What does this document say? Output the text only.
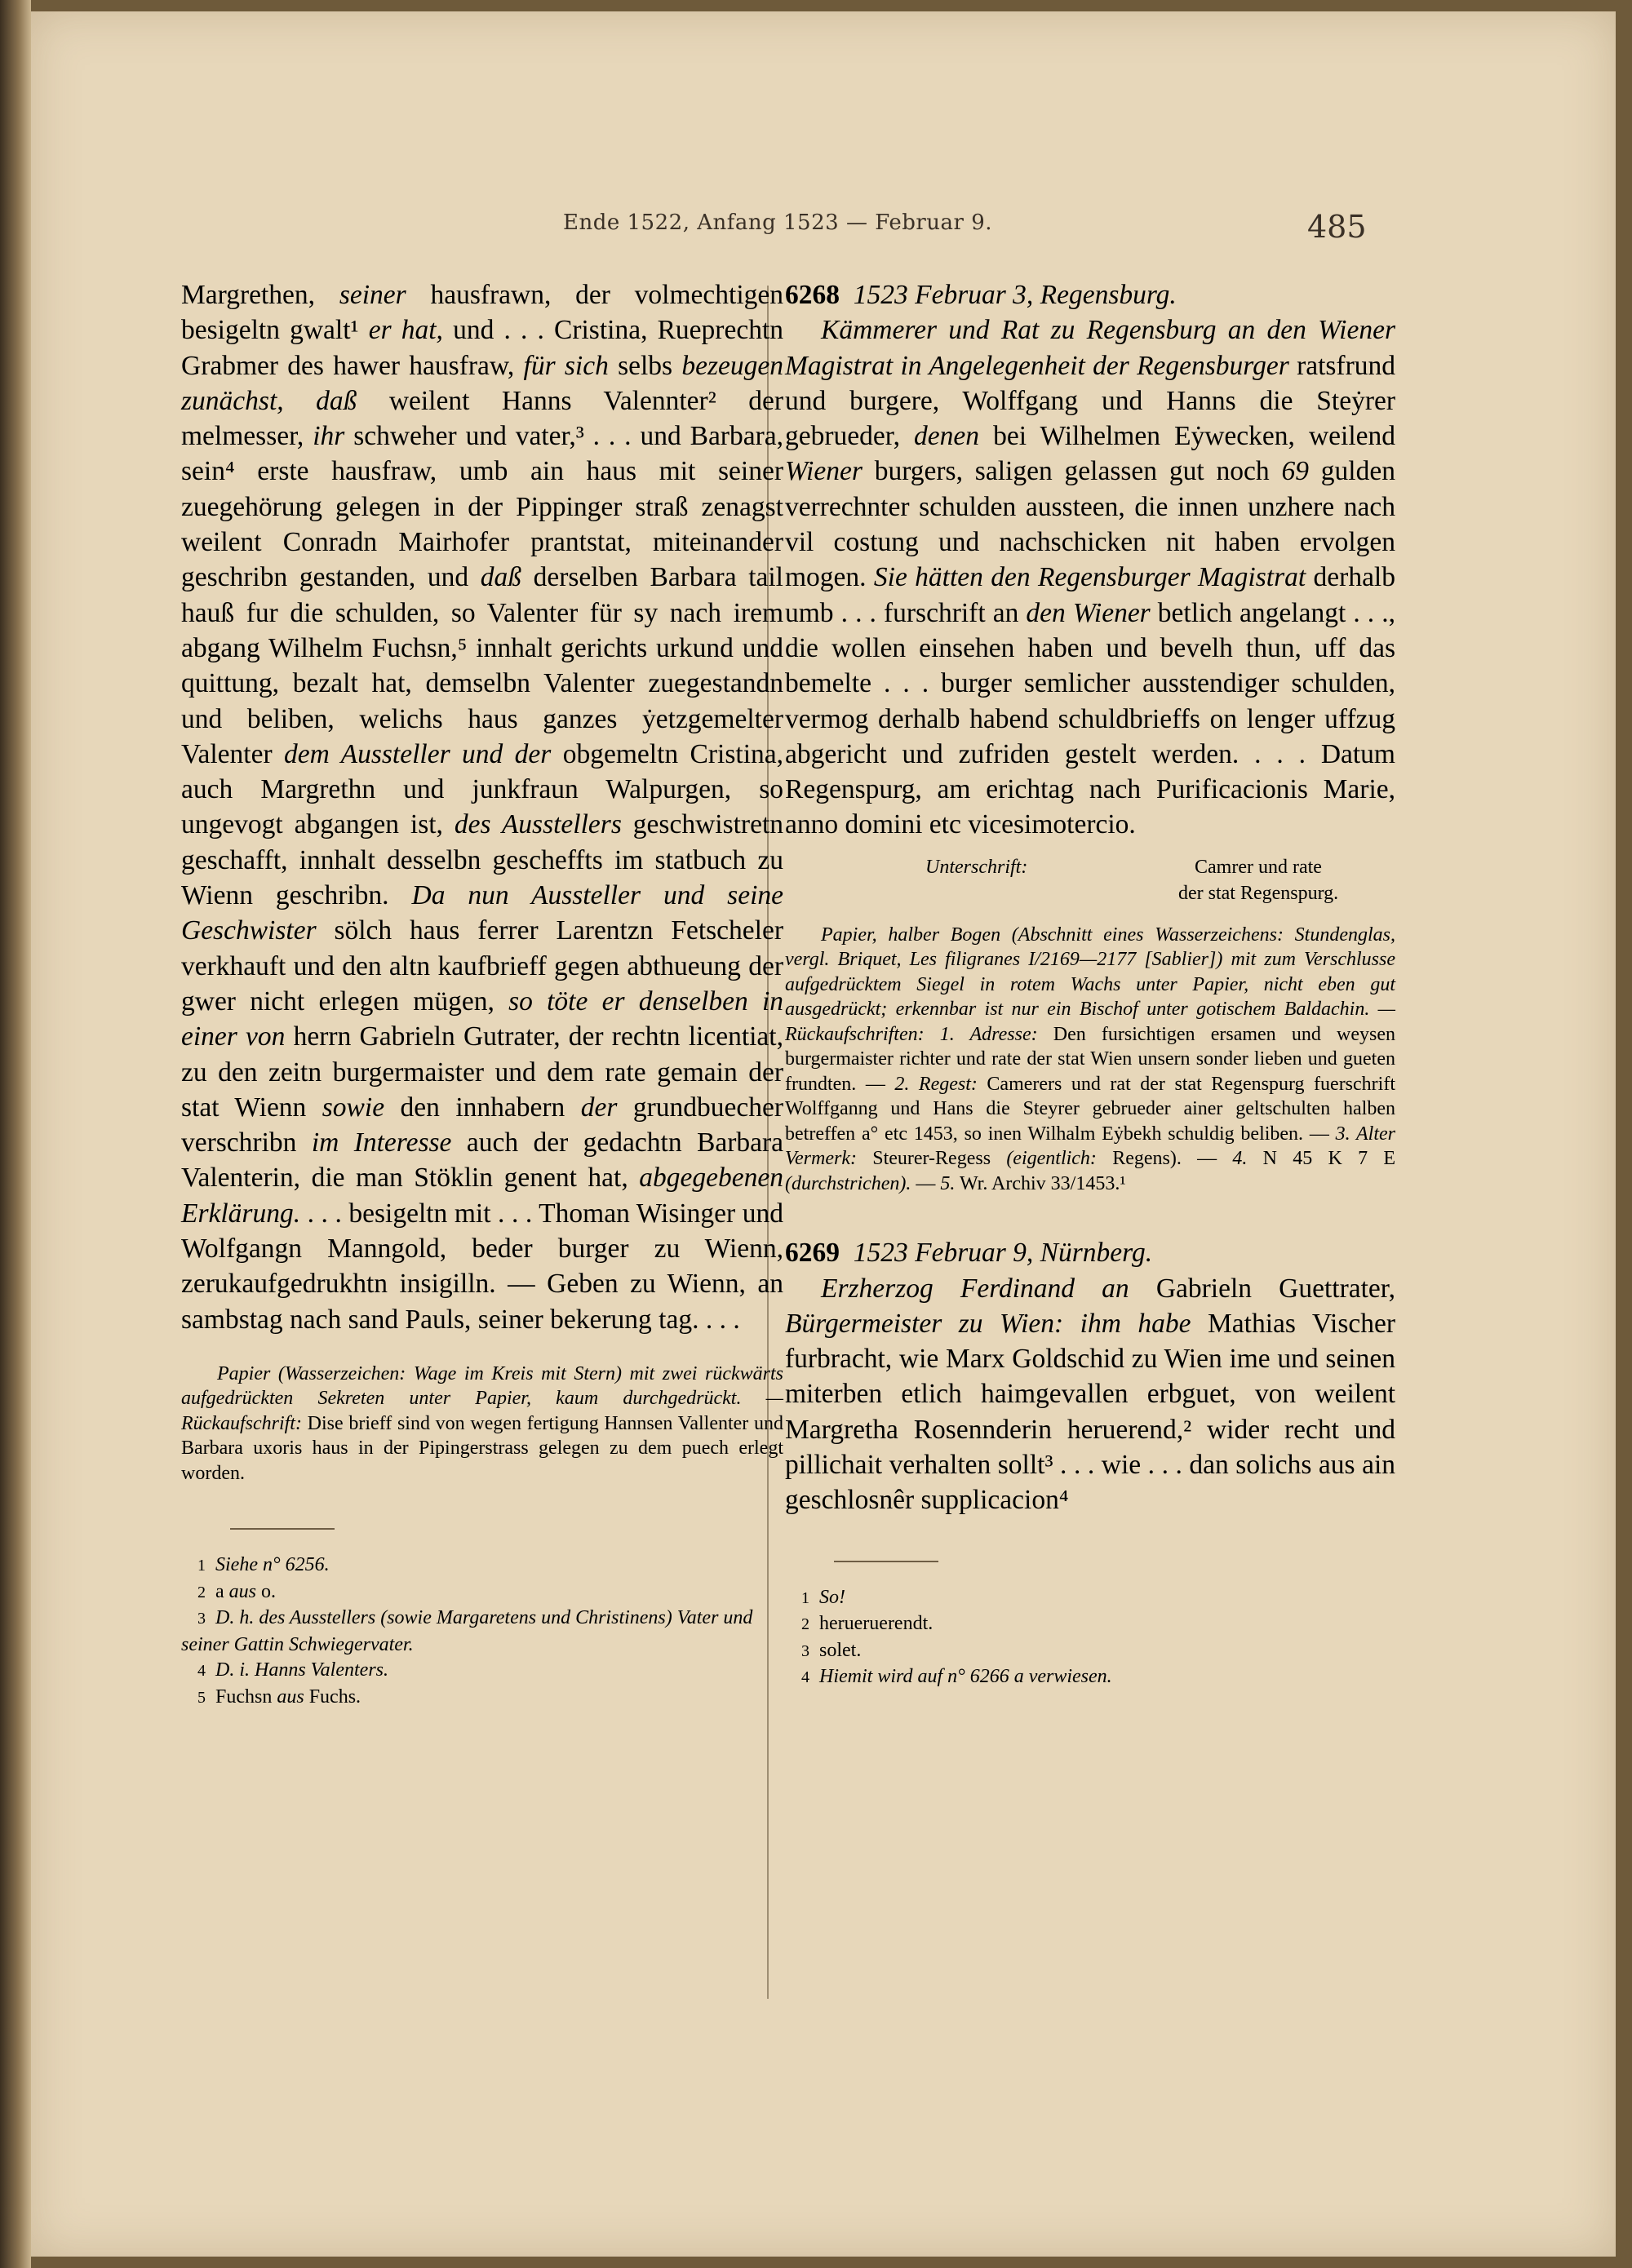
Ende 1522, Anfang 1523 — Februar 9.	485

Margrethen, seiner hausfrawn, der volmechtigen besigeltn gwalt¹ er hat, und . . . Cristina, Rueprechtn Grabmer des hawer hausfraw, für sich selbs bezeugen zunächst, daß weilent Hanns Valennter² der melmesser, ihr schweher und vater,³ . . . und Barbara, sein⁴ erste hausfraw, umb ain haus mit seiner zuegehörung gelegen in der Pippinger straß zenagst weilent Conradn Mairhofer prantstat, miteinander geschribn gestanden, und daß derselben Barbara tail hauß fur die schulden, so Valenter für sy nach irem abgang Wilhelm Fuchsn,⁵ innhalt gerichts urkund und quittung, bezalt hat, demselbn Valenter zuegestandn und beliben, welichs haus ganzes ẏetzgemelter Valenter dem Aussteller und der obgemeltn Cristina, auch Margrethn und junkfraun Walpurgen, so ungevogt abgangen ist, des Ausstellers geschwistretn geschafft, innhalt desselbn gescheffts im statbuch zu Wienn geschribn. Da nun Aussteller und seine Geschwister sölch haus ferrer Larentzn Fetscheler verkhauft und den altn kaufbrieff gegen abthueung der gwer nicht erlegen mügen, so töte er denselben in einer von herrn Gabrieln Gutrater, der rechtn licentiat, zu den zeitn burgermaister und dem rate gemain der stat Wienn sowie den innhabern der grundbuecher verschribn im Interesse auch der gedachtn Barbara Valenterin, die man Stöklin genent hat, abgegebenen Erklärung. . . . besigeltn mit . . . Thoman Wisinger und Wolfgangn Manngold, beder burger zu Wienn, zerukaufgedrukhtn insigilln. — Geben zu Wienn, an sambstag nach sand Pauls, seiner bekerung tag. . . .

Papier (Wasserzeichen: Wage im Kreis mit Stern) mit zwei rückwärts aufgedrückten Sekreten unter Papier, kaum durchgedrückt. — Rückaufschrift: Dise brieff sind von wegen fertigung Hannsen Vallenter und Barbara uxoris haus in der Pipingerstrass gelegen zu dem puech erlegt worden.

1 Siehe n° 6256.

2 a aus o.

3 D. h. des Ausstellers (sowie Margaretens und Christinens) Vater und seiner Gattin Schwiegervater.

4 D. i. Hanns Valenters.

5 Fuchsn aus Fuchs.

6268 1523 Februar 3, Regensburg.

Kämmerer und Rat zu Regensburg an den Wiener Magistrat in Angelegenheit der Regensburger ratsfrund und burgere, Wolffgang und Hanns die Steẏrer gebrueder, denen bei Wilhelmen Eẏwecken, weilend Wiener burgers, saligen gelassen gut noch 69 gulden verrechnter schulden aussteen, die innen unzhere nach vil costung und nachschicken nit haben ervolgen mogen. Sie hätten den Regensburger Magistrat derhalb umb . . . furschrift an den Wiener betlich angelangt . . ., die wollen einsehen haben und bevelh thun, uff das bemelte . . . burger semlicher ausstendiger schulden, vermog derhalb habend schuldbrieffs on lenger uffzug abgericht und zufriden gestelt werden. . . . Datum Regenspurg, am erichtag nach Purificacionis Marie, anno domini etc vicesimotercio.

Unterschrift:	Camrer und rate
der stat Regenspurg.

Papier, halber Bogen (Abschnitt eines Wasserzeichens: Stundenglas, vergl. Briquet, Les filigranes I/2169—2177 [Sablier]) mit zum Verschlusse aufgedrücktem Siegel in rotem Wachs unter Papier, nicht eben gut ausgedrückt; erkennbar ist nur ein Bischof unter gotischem Baldachin. — Rückaufschriften: 1. Adresse: Den fursichtigen ersamen und weysen burgermaister richter und rate der stat Wien unsern sonder lieben und gueten frundten. — 2. Regest: Camerers und rat der stat Regenspurg fuerschrift Wolffganng und Hans die Steyrer gebrueder ainer geltschulten halben betreffen a° etc 1453, so inen Wilhalm Eẏbekh schuldig beliben. — 3. Alter Vermerk: Steurer-Regess (eigentlich: Regens). — 4. N 45 K 7 E (durchstrichen). — 5. Wr. Archiv 33/1453.¹

6269 1523 Februar 9, Nürnberg.

Erzherzog Ferdinand an Gabrieln Guettrater, Bürgermeister zu Wien: ihm habe Mathias Vischer furbracht, wie Marx Goldschid zu Wien ime und seinen miterben etlich haimgevallen erbguet, von weilent Margretha Rosennderin heruerend,² wider recht und pillichait verhalten sollt³ . . . wie . . . dan solichs aus ain geschlosnêr supplicacion⁴

1 So!

2 herueruerendt.

3 solet.

4 Hiemit wird auf n° 6266 a verwiesen.
